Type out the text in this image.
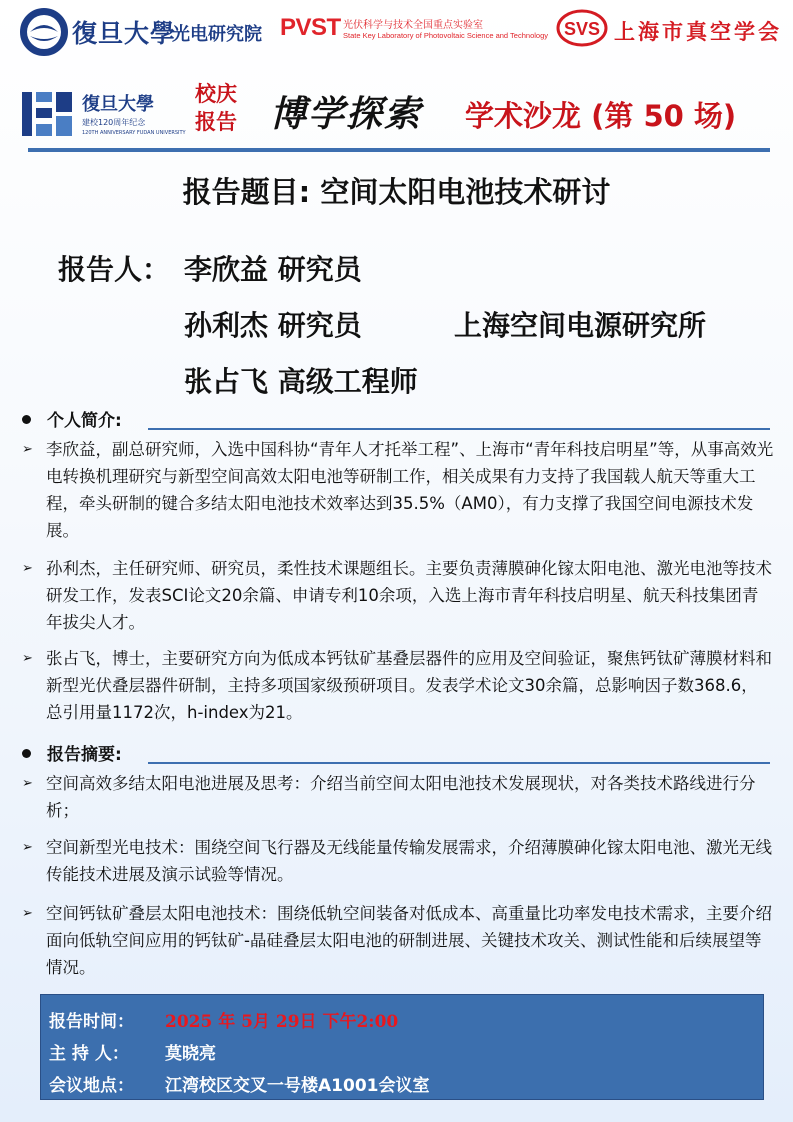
復旦大學
光电研究院 PVST 光伏科学与技术全国重点实验室
State Key Laboratory of Photovoltaic Science and Technology SVS 上海市真空学会
復旦大學
建校120周年纪念
120TH ANNIVERSARY FUDAN UNIVERSITY
校庆
报告 博学探索 学术沙龙 (第 50 场)
报告题目: 空间太阳电池技术研讨
报告人： 李欣益 研究员
孙利杰 研究员
张占飞 高级工程师
上海空间电源研究所
个人简介:
➢ 李欣益，副总研究师，入选中国科协“青年人才托举工程”、上海市“青年科技启明星”等，从事高效光电转换机理研究与新型空间高效太阳电池等研制工作，相关成果有力支持了我国载人航天等重大工程，牵头研制的键合多结太阳电池技术效率达到35.5%（AM0），有力支撑了我国空间电源技术发展。
➢ 孙利杰，主任研究师、研究员，柔性技术课题组长。主要负责薄膜砷化镓太阳电池、激光电池等技术研发工作，发表SCI论文20余篇、申请专利10余项，入选上海市青年科技启明星、航天科技集团青年拔尖人才。
➢ 张占飞，博士，主要研究方向为低成本钙钛矿基叠层器件的应用及空间验证，聚焦钙钛矿薄膜材料和新型光伏叠层器件研制，主持多项国家级预研项目。发表学术论文30余篇，总影响因子数368.6，总引用量1172次，h-index为21。
报告摘要:
➢ 空间高效多结太阳电池进展及思考：介绍当前空间太阳电池技术发展现状，对各类技术路线进行分析；
➢ 空间新型光电技术：围绕空间飞行器及无线能量传输发展需求，介绍薄膜砷化镓太阳电池、激光无线传能技术进展及演示试验等情况。
➢ 空间钙钛矿叠层太阳电池技术：围绕低轨空间装备对低成本、高重量比功率发电技术需求，主要介绍面向低轨空间应用的钙钛矿-晶硅叠层太阳电池的研制进展、关键技术攻关、测试性能和后续展望等情况。
报告时间： 2025 年 5月 29日 下午2:00
主 持 人： 莫晓亮
会议地点： 江湾校区交叉一号楼A1001会议室
